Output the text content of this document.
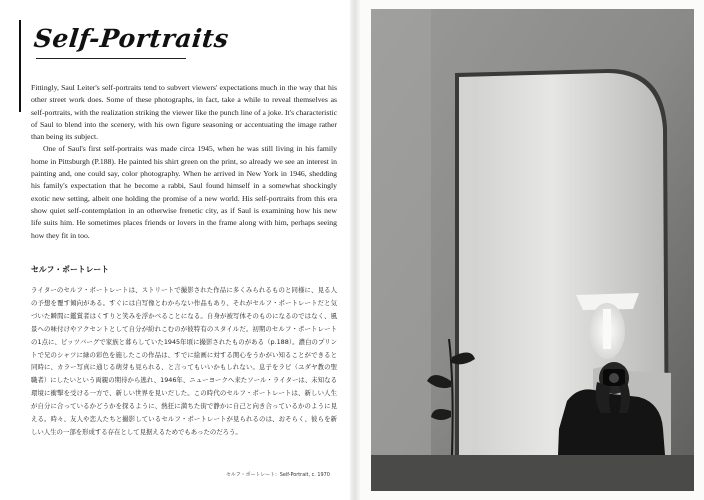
Self-Portraits

Fittingly, Saul Leiter's self-portraits tend to subvert viewers' expectations much in the way that his other street work does. Some of these photographs, in fact, take a while to reveal themselves as self-portraits, with the realization striking the viewer like the punch line of a joke. It's characteristic of Saul to blend into the scenery, with his own figure seasoning or accentuating the image rather than being its subject.

One of Saul's first self-portraits was made circa 1945, when he was still living in his family home in Pittsburgh (P.188). He painted his shirt green on the print, so already we see an interest in painting and, one could say, color photography. When he arrived in New York in 1946, shedding his family's expectation that he become a rabbi, Saul found himself in a somewhat shockingly exotic new setting, albeit one holding the promise of a new world. His self-portraits from this era show quiet self-contemplation in an otherwise frenetic city, as if Saul is examining how his new life suits him. He sometimes places friends or lovers in the frame along with him, perhaps seeing how they fit in too.

セルフ・ポートレート

ライターのセルフ・ポートレートは、ストリートで撮影された作品に多くみられるものと同様に、見る人の予想を覆す傾向がある。すぐには自写像とわからない作品もあり、それがセルフ・ポートレートだと気づいた瞬間に鑑賞者はくすりと笑みを浮かべることになる。自身が被写体そのものになるのではなく、風景への味付けやアクセントとして自分が紛れこむのが彼特有のスタイルだ。初期のセルフ・ポートレートの1点に、ピッツバーグで家族と暮らしていた1945年頃に撮影されたものがある（p.188）。濃白のプリントで兄のシャツに緑の彩色を施したこの作品は、すでに絵画に対する関心をうかがい知ることができると同時に、カラー写真に通じる萌芽も見られる、と言ってもいいかもしれない。息子をラビ（ユダヤ教の聖職者）にしたいという両親の期待から逃れ、1946年、ニューヨークへ来たソール・ライターは、未知なる環境に衝撃を受ける一方で、新しい世界を見いだした。この時代のセルフ・ポートレートは、新しい人生が自分に合っているかどうかを探るように、熱狂に満ちた街で静かに自己と向き合っているかのように見える。時々、友人や恋人たちと撮影しているセルフ・ポートレートが見られるのは、おそらく、彼らを新しい人生の一部を形成する存在として見据えるためでもあったのだろう。

セルフ・ポートレート：Self-Portrait, c. 1970
